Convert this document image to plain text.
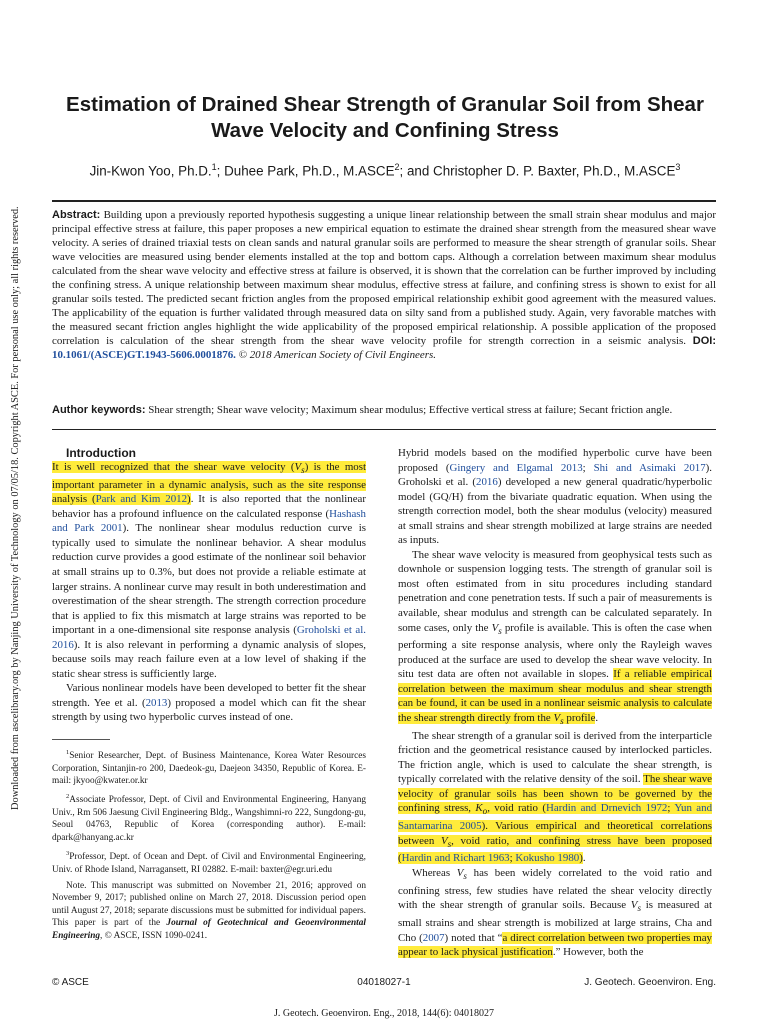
Downloaded from ascelibrary.org by Nanjing University of Technology on 07/05/18. Copyright ASCE. For personal use only; all rights reserved.
Estimation of Drained Shear Strength of Granular Soil from Shear Wave Velocity and Confining Stress
Jin-Kwon Yoo, Ph.D.$^1$; Duhee Park, Ph.D., M.ASCE$^2$; and Christopher D. P. Baxter, Ph.D., M.ASCE$^3$
Abstract: Building upon a previously reported hypothesis suggesting a unique linear relationship between the small strain shear modulus and major principal effective stress at failure, this paper proposes a new empirical equation to estimate the drained shear strength from the measured shear wave velocity. A series of drained triaxial tests on clean sands and natural granular soils are performed to measure the shear strength of granular soils. Shear wave velocities are measured using bender elements installed at the top and bottom caps. Although a correlation between maximum shear modulus calculated from the shear wave velocity and effective stress at failure is observed, it is shown that the correlation can be further improved by including the confining stress. A unique relationship between maximum shear modulus, effective stress at failure, and confining stress is shown to exist for all granular soils tested. The predicted secant friction angles from the proposed empirical relationship exhibit good agreement with the measured values. The applicability of the equation is further validated through measured data on silty sand from a published study. Again, very favorable matches with the measured secant friction angles highlight the wide applicability of the proposed empirical relationship. A possible application of the proposed correlation is calculation of the shear strength from the shear wave velocity profile for strength correction in a seismic analysis. DOI: 10.1061/(ASCE)GT.1943-5606.0001876. © 2018 American Society of Civil Engineers.
Author keywords: Shear strength; Shear wave velocity; Maximum shear modulus; Effective vertical stress at failure; Secant friction angle.

Introduction

It is well recognized that the shear wave velocity $(V_s)$ is the most important parameter in a dynamic analysis, such as the site response analysis (Park and Kim 2012). It is also reported that the nonlinear behavior has a profound influence on the calculated response (Hashash and Park 2001). The nonlinear shear modulus reduction curve is typically used to simulate the nonlinear behavior. A shear modulus reduction curve provides a good estimate of the nonlinear soil behavior at small strains up to 0.3%, but does not provide a reliable estimate at larger strains. A nonlinear curve may result in both underestimation and overestimation of the shear strength. The strength correction procedure that is applied to fix this mismatch at large strains was reported to be important in a one-dimensional site response analysis (Groholski et al. 2016). It is also relevant in performing a dynamic analysis of slopes, because soils may reach failure even at a low level of shaking if the static shear stress is sufficiently large.

Various nonlinear models have been developed to better fit the shear strength. Yee et al. (2013) proposed a model which can fit the shear strength by using two hyperbolic curves instead of one.

$^1$Senior Researcher, Dept. of Business Maintenance, Korea Water Resources Corporation, Sintanjin-ro 200, Daedeok-gu, Daejeon 34350, Republic of Korea. E-mail: jkyoo@kwater.or.kr

$^2$Associate Professor, Dept. of Civil and Environmental Engineering, Hanyang Univ., Rm 506 Jaesung Civil Engineering Bldg., Wangshimni-ro 222, Sungdong-gu, Seoul 04763, Republic of Korea (corresponding author). E-mail: dpark@hanyang.ac.kr

$^3$Professor, Dept. of Ocean and Dept. of Civil and Environmental Engineering, Univ. of Rhode Island, Narragansett, RI 02882. E-mail: baxter@egr.uri.edu

Note. This manuscript was submitted on November 21, 2016; approved on November 9, 2017; published online on March 27, 2018. Discussion period open until August 27, 2018; separate discussions must be submitted for individual papers. This paper is part of the Journal of Geotechnical and Geoenvironmental Engineering, © ASCE, ISSN 1090-0241.

Hybrid models based on the modified hyperbolic curve have been proposed (Gingery and Elgamal 2013; Shi and Asimaki 2017). Groholski et al. (2016) developed a new general quadratic/hyperbolic model (GQ/H) from the bivariate quadratic equation. When using the strength correction model, both the shear modulus (velocity) measured at small strains and shear strength mobilized at large strains are needed as inputs.

The shear wave velocity is measured from geophysical tests such as downhole or suspension logging tests. The strength of granular soil is most often estimated from in situ procedures including standard penetration and cone penetration tests. If such a pair of measurements is available, shear modulus and strength can be calculated separately. In some cases, only the $V_s$ profile is available. This is often the case when performing a site response analysis, where only the Rayleigh waves produced at the surface are used to develop the shear wave velocity. In situ test data are often not available in slopes. If a reliable empirical correlation between the maximum shear modulus and shear strength can be found, it can be used in a nonlinear seismic analysis to calculate the shear strength directly from the $V_s$ profile.

The shear strength of a granular soil is derived from the interparticle friction and the geometrical resistance caused by interlocked particles. The friction angle, which is used to calculate the shear strength, is typically correlated with the relative density of the soil. The shear wave velocity of granular soils has been shown to be governed by the confining stress, $K_o$, void ratio (Hardin and Drnevich 1972; Yun and Santamarina 2005). Various empirical and theoretical correlations between $V_s$, void ratio, and confining stress have been proposed (Hardin and Richart 1963; Kokusho 1980).

Whereas $V_s$ has been widely correlated to the void ratio and confining stress, few studies have related the shear velocity directly with the shear strength of granular soils. Because $V_s$ is measured at small strains and shear strength is mobilized at large strains, Cha and Cho (2007) noted that “a direct correlation between two properties may appear to lack physical justification.” However, both the

© ASCE	04018027-1	J. Geotech. Geoenviron. Eng.
J. Geotech. Geoenviron. Eng., 2018, 144(6): 04018027
